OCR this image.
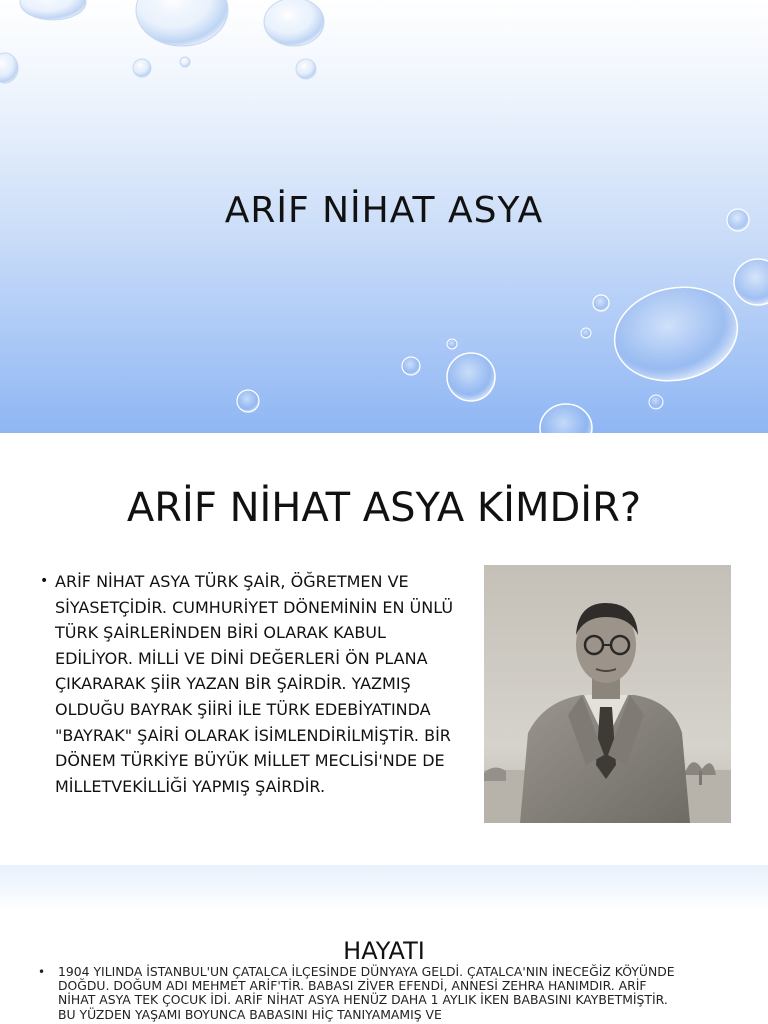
ARİF NİHAT ASYA
ARİF NİHAT ASYA KİMDİR?
• ARİF NİHAT ASYA TÜRK ŞAİR, ÖĞRETMEN VE SİYASETÇİDİR. CUMHURİYET DÖNEMİNİN EN ÜNLÜ TÜRK ŞAİRLERİNDEN BİRİ OLARAK KABUL EDİLİYOR. MİLLİ VE DİNİ DEĞERLERİ ÖN PLANA ÇIKARARAK ŞİİR YAZAN BİR ŞAİRDİR. YAZMIŞ OLDUĞU BAYRAK ŞİİRİ İLE TÜRK EDEBİYATINDA "BAYRAK" ŞAİRİ OLARAK İSİMLENDİRİLMİŞTİR. BİR DÖNEM TÜRKİYE BÜYÜK MİLLET MECLİSİ'NDE DE MİLLETVEKİLLİĞİ YAPMIŞ ŞAİRDİR.
HAYATI
•	1904 YILINDA İSTANBUL'UN ÇATALCA İLÇESİNDE DÜNYAYA GELDİ. ÇATALCA'NIN İNECEĞİZ KÖYÜNDE DOĞDU. DOĞUM ADI MEHMET ARİF'TİR. BABASI ZİVER EFENDİ, ANNESİ ZEHRA HANIMDIR. ARİF NİHAT ASYA TEK ÇOCUK İDİ. ARİF NİHAT ASYA HENÜZ DAHA 1 AYLIK İKEN BABASINI KAYBETMİŞTİR. BU YÜZDEN YAŞAMI BOYUNCA BABASINI HİÇ TANIYAMAMIŞ VE
